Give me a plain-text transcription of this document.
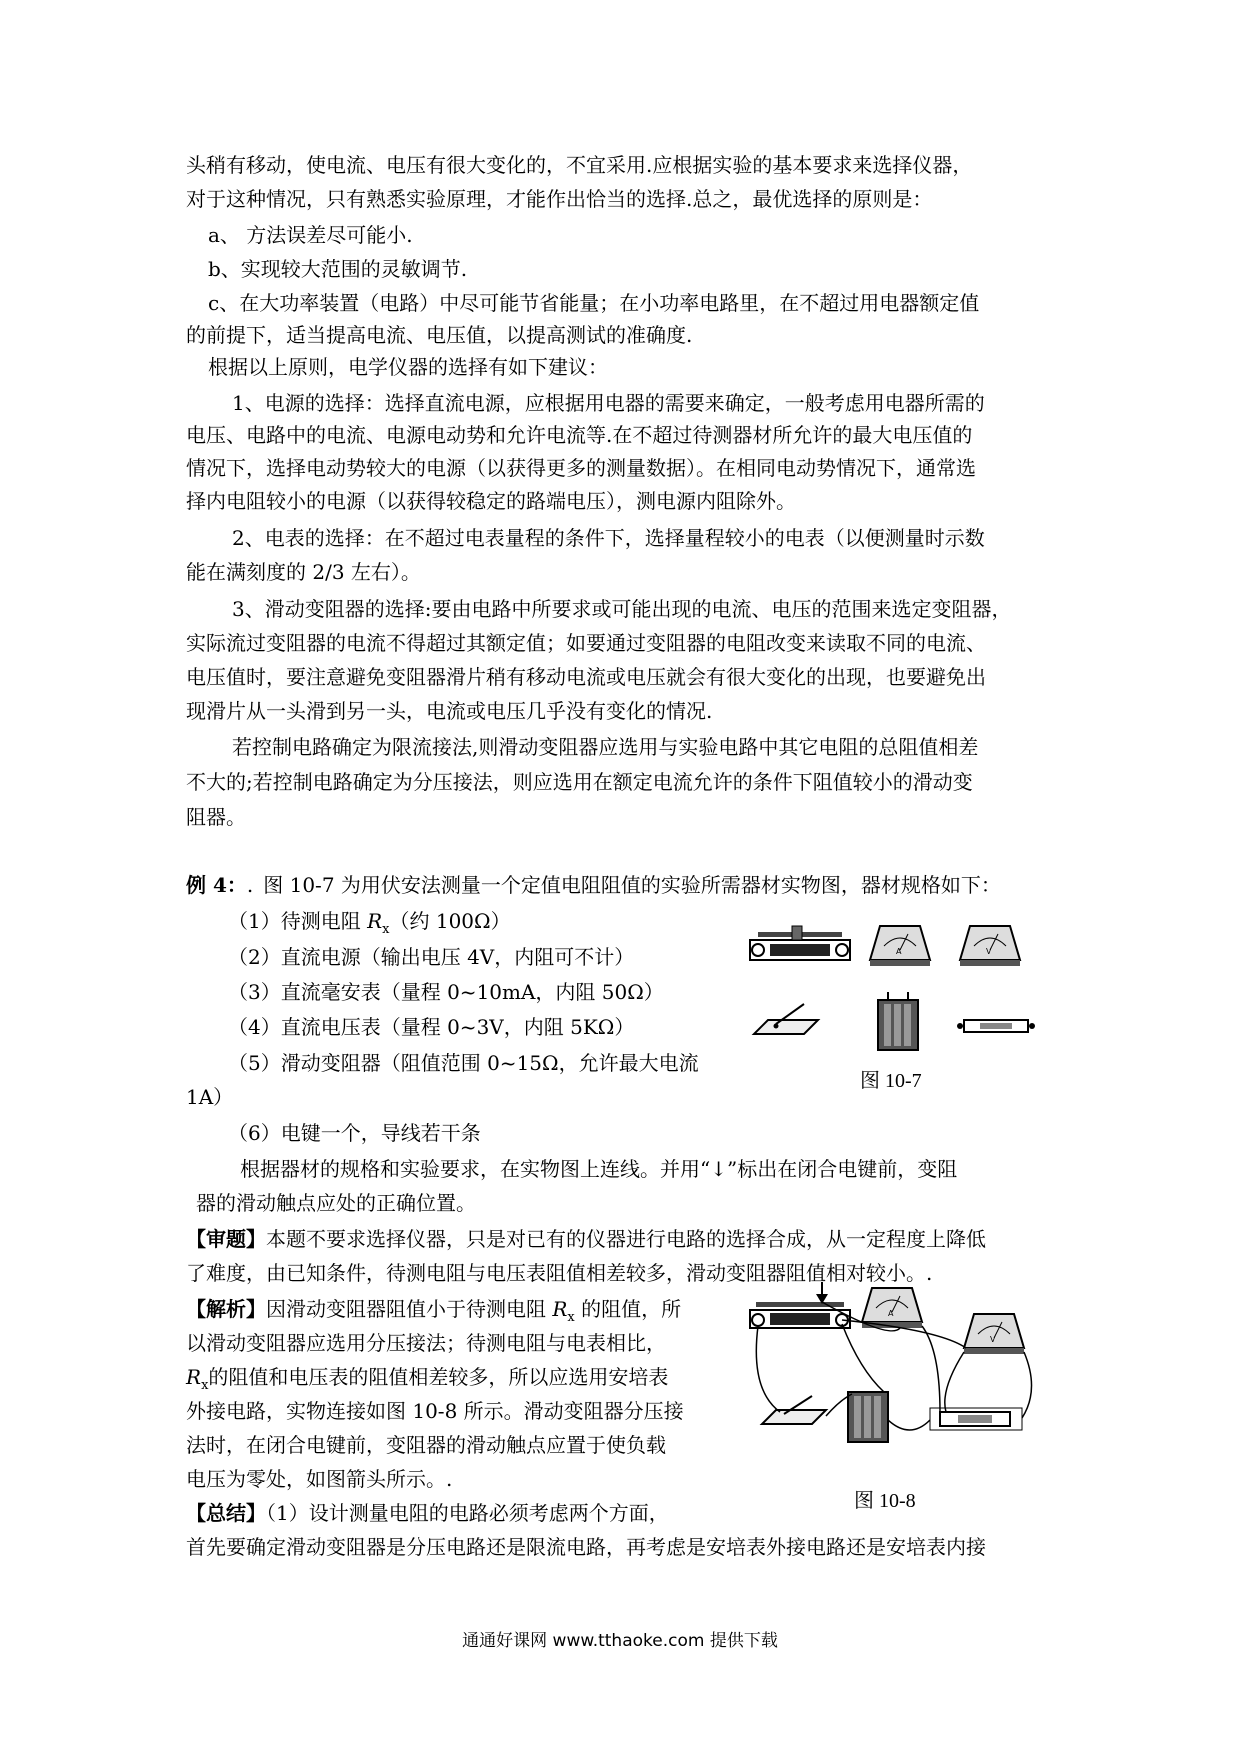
头稍有移动，使电流、电压有很大变化的，不宜采用.应根据实验的基本要求来选择仪器，
对于这种情况，只有熟悉实验原理，才能作出恰当的选择.总之，最优选择的原则是：
a、 方法误差尽可能小.
b、实现较大范围的灵敏调节.
c、在大功率装置（电路）中尽可能节省能量；在小功率电路里，在不超过用电器额定值
的前提下，适当提高电流、电压值，以提高测试的准确度.
根据以上原则，电学仪器的选择有如下建议：
1、电源的选择：选择直流电源，应根据用电器的需要来确定，一般考虑用电器所需的
电压、电路中的电流、电源电动势和允许电流等.在不超过待测器材所允许的最大电压值的
情况下，选择电动势较大的电源（以获得更多的测量数据）。在相同电动势情况下，通常选
择内电阻较小的电源（以获得较稳定的路端电压），测电源内阻除外。
2、电表的选择：在不超过电表量程的条件下，选择量程较小的电表（以便测量时示数
能在满刻度的 2/3 左右）。
3、滑动变阻器的选择:要由电路中所要求或可能出现的电流、电压的范围来选定变阻器，
实际流过变阻器的电流不得超过其额定值；如要通过变阻器的电阻改变来读取不同的电流、
电压值时，要注意避免变阻器滑片稍有移动电流或电压就会有很大变化的出现，也要避免出
现滑片从一头滑到另一头，电流或电压几乎没有变化的情况.
若控制电路确定为限流接法,则滑动变阻器应选用与实验电路中其它电阻的总阻值相差
不大的;若控制电路确定为分压接法，则应选用在额定电流允许的条件下阻值较小的滑动变
阻器。
例 4：. 图 10-7 为用伏安法测量一个定值电阻阻值的实验所需器材实物图，器材规格如下：
（1）待测电阻 $R_x$（约 100Ω）
（2）直流电源（输出电压 4V，内阻可不计）
（3）直流毫安表（量程 0~10mA，内阻 50Ω）
（4）直流电压表（量程 0~3V，内阻 5KΩ）
（5）滑动变阻器（阻值范围 0~15Ω，允许最大电流
1A）
（6）电键一个，导线若干条
根据器材的规格和实验要求，在实物图上连线。并用“↓”标出在闭合电键前，变阻
器的滑动触点应处的正确位置。
A	V
图 10-7
【审题】本题不要求选择仪器，只是对已有的仪器进行电路的选择合成，从一定程度上降低
了难度，由已知条件，待测电阻与电压表阻值相差较多，滑动变阻器阻值相对较小。.
【解析】因滑动变阻器阻值小于待测电阻 $R_x$ 的阻值，所
以滑动变阻器应选用分压接法；待测电阻与电表相比，
$R_x$的阻值和电压表的阻值相差较多，所以应选用安培表
外接电路，实物连接如图 10-8 所示。滑动变阻器分压接
法时，在闭合电键前，变阻器的滑动触点应置于使负载
电压为零处，如图箭头所示。.
A
V
图 10-8
【总结】（1）设计测量电阻的电路必须考虑两个方面，
首先要确定滑动变阻器是分压电路还是限流电路，再考虑是安培表外接电路还是安培表内接
通通好课网 www.tthaoke.com 提供下载
